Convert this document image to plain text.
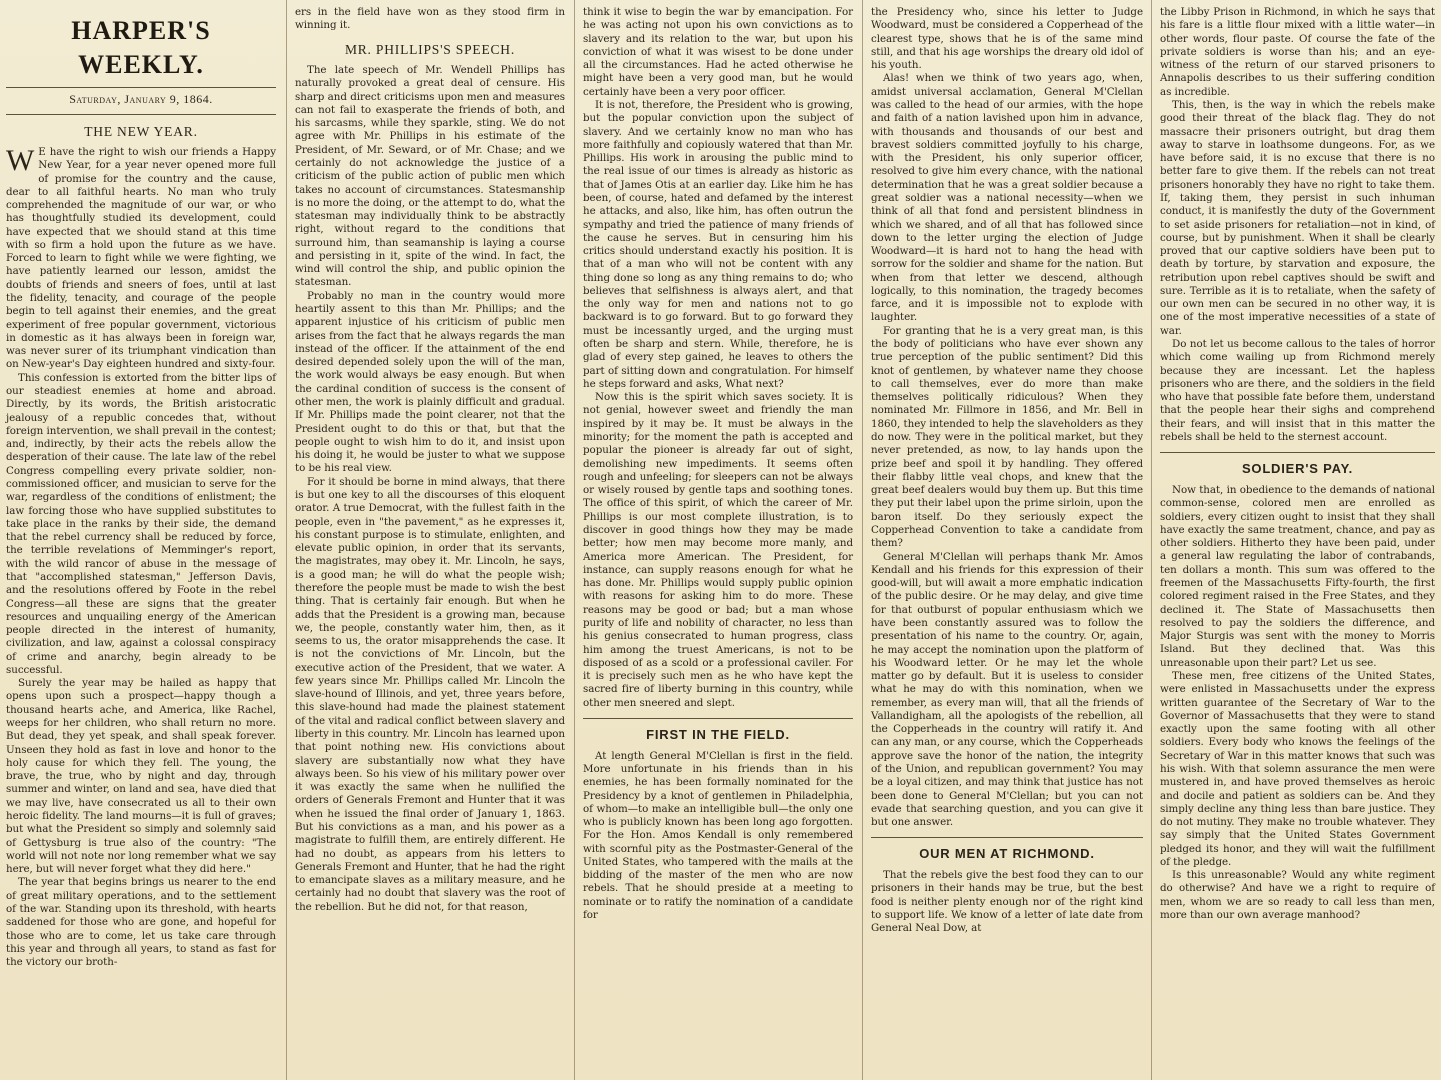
HARPER'S WEEKLY.
Saturday, January 9, 1864.
THE NEW YEAR.

W E have the right to wish our friends a Happy New Year, for a year never opened more full of promise for the country and the cause, dear to all faithful hearts. No man who truly comprehended the magnitude of our war, or who has thoughtfully studied its development, could have expected that we should stand at this time with so firm a hold upon the future as we have. Forced to learn to fight while we were fighting, we have patiently learned our lesson, amidst the doubts of friends and sneers of foes, until at last the fidelity, tenacity, and courage of the people begin to tell against their enemies, and the great experiment of free popular government, victorious in domestic as it has always been in foreign war, was never surer of its triumphant vindication than on New-year's Day eighteen hundred and sixty-four.

This confession is extorted from the bitter lips of our steadiest enemies at home and abroad. Directly, by its words, the British aristocratic jealousy of a republic concedes that, without foreign intervention, we shall prevail in the contest; and, indirectly, by their acts the rebels allow the desperation of their cause. The late law of the rebel Congress compelling every private soldier, non-commissioned officer, and musician to serve for the war, regardless of the conditions of enlistment; the law forcing those who have supplied substitutes to take place in the ranks by their side, the demand that the rebel currency shall be reduced by force, the terrible revelations of Memminger's report, with the wild rancor of abuse in the message of that "accomplished statesman," Jefferson Davis, and the resolutions offered by Foote in the rebel Congress—all these are signs that the greater resources and unquailing energy of the American people directed in the interest of humanity, civilization, and law, against a colossal conspiracy of crime and anarchy, begin already to be successful.

Surely the year may be hailed as happy that opens upon such a prospect—happy though a thousand hearts ache, and America, like Rachel, weeps for her children, who shall return no more. But dead, they yet speak, and shall speak forever. Unseen they hold as fast in love and honor to the holy cause for which they fell. The young, the brave, the true, who by night and day, through summer and winter, on land and sea, have died that we may live, have consecrated us all to their own heroic fidelity. The land mourns—it is full of graves; but what the President so simply and solemnly said of Gettysburg is true also of the country: "The world will not note nor long remember what we say here, but will never forget what they did here."

The year that begins brings us nearer to the end of great military operations, and to the settlement of the war. Standing upon its threshold, with hearts saddened for those who are gone, and hopeful for those who are to come, let us take care through this year and through all years, to stand as fast for the victory our broth-

ers in the field have won as they stood firm in winning it.

MR. PHILLIPS'S SPEECH.

The late speech of Mr. Wendell Phillips has naturally provoked a great deal of censure. His sharp and direct criticisms upon men and measures can not fail to exasperate the friends of both, and his sarcasms, while they sparkle, sting. We do not agree with Mr. Phillips in his estimate of the President, of Mr. Seward, or of Mr. Chase; and we certainly do not acknowledge the justice of a criticism of the public action of public men which takes no account of circumstances. Statesmanship is no more the doing, or the attempt to do, what the statesman may individually think to be abstractly right, without regard to the conditions that surround him, than seamanship is laying a course and persisting in it, spite of the wind. In fact, the wind will control the ship, and public opinion the statesman.

Probably no man in the country would more heartily assent to this than Mr. Phillips; and the apparent injustice of his criticism of public men arises from the fact that he always regards the man instead of the officer. If the attainment of the end desired depended solely upon the will of the man, the work would always be easy enough. But when the cardinal condition of success is the consent of other men, the work is plainly difficult and gradual. If Mr. Phillips made the point clearer, not that the President ought to do this or that, but that the people ought to wish him to do it, and insist upon his doing it, he would be juster to what we suppose to be his real view.

For it should be borne in mind always, that there is but one key to all the discourses of this eloquent orator. A true Democrat, with the fullest faith in the people, even in "the pavement," as he expresses it, his constant purpose is to stimulate, enlighten, and elevate public opinion, in order that its servants, the magistrates, may obey it. Mr. Lincoln, he says, is a good man; he will do what the people wish; therefore the people must be made to wish the best thing. That is certainly fair enough. But when he adds that the President is a growing man, because we, the people, constantly water him, then, as it seems to us, the orator misapprehends the case. It is not the convictions of Mr. Lincoln, but the executive action of the President, that we water. A few years since Mr. Phillips called Mr. Lincoln the slave-hound of Illinois, and yet, three years before, this slave-hound had made the plainest statement of the vital and radical conflict between slavery and liberty in this country. Mr. Lincoln has learned upon that point nothing new. His convictions about slavery are substantially now what they have always been. So his view of his military power over it was exactly the same when he nullified the orders of Generals Fremont and Hunter that it was when he issued the final order of January 1, 1863. But his convictions as a man, and his power as a magistrate to fulfill them, are entirely different. He had no doubt, as appears from his letters to Generals Fremont and Hunter, that he had the right to emancipate slaves as a military measure, and he certainly had no doubt that slavery was the root of the rebellion. But he did not, for that reason,

think it wise to begin the war by emancipation. For he was acting not upon his own convictions as to slavery and its relation to the war, but upon his conviction of what it was wisest to be done under all the circumstances. Had he acted otherwise he might have been a very good man, but he would certainly have been a very poor officer.

It is not, therefore, the President who is growing, but the popular conviction upon the subject of slavery. And we certainly know no man who has more faithfully and copiously watered that than Mr. Phillips. His work in arousing the public mind to the real issue of our times is already as historic as that of James Otis at an earlier day. Like him he has been, of course, hated and defamed by the interest he attacks, and also, like him, has often outrun the sympathy and tried the patience of many friends of the cause he serves. But in censuring him his critics should understand exactly his position. It is that of a man who will not be content with any thing done so long as any thing remains to do; who believes that selfishness is always alert, and that the only way for men and nations not to go backward is to go forward. But to go forward they must be incessantly urged, and the urging must often be sharp and stern. While, therefore, he is glad of every step gained, he leaves to others the part of sitting down and congratulation. For himself he steps forward and asks, What next?

Now this is the spirit which saves society. It is not genial, however sweet and friendly the man inspired by it may be. It must be always in the minority; for the moment the path is accepted and popular the pioneer is already far out of sight, demolishing new impediments. It seems often rough and unfeeling; for sleepers can not be always or wisely roused by gentle taps and soothing tones. The office of this spirit, of which the career of Mr. Phillips is our most complete illustration, is to discover in good things how they may be made better; how men may become more manly, and America more American. The President, for instance, can supply reasons enough for what he has done. Mr. Phillips would supply public opinion with reasons for asking him to do more. These reasons may be good or bad; but a man whose purity of life and nobility of character, no less than his genius consecrated to human progress, class him among the truest Americans, is not to be disposed of as a scold or a professional caviler. For it is precisely such men as he who have kept the sacred fire of liberty burning in this country, while other men sneered and slept.

FIRST IN THE FIELD.

At length General M'Clellan is first in the field. More unfortunate in his friends than in his enemies, he has been formally nominated for the Presidency by a knot of gentlemen in Philadelphia, of whom—to make an intelligible bull—the only one who is publicly known has been long ago forgotten. For the Hon. Amos Kendall is only remembered with scornful pity as the Postmaster-General of the United States, who tampered with the mails at the bidding of the master of the men who are now rebels. That he should preside at a meeting to nominate or to ratify the nomination of a candidate for

the Presidency who, since his letter to Judge Woodward, must be considered a Copperhead of the clearest type, shows that he is of the same mind still, and that his age worships the dreary old idol of his youth.

Alas! when we think of two years ago, when, amidst universal acclamation, General M'Clellan was called to the head of our armies, with the hope and faith of a nation lavished upon him in advance, with thousands and thousands of our best and bravest soldiers committed joyfully to his charge, with the President, his only superior officer, resolved to give him every chance, with the national determination that he was a great soldier because a great soldier was a national necessity—when we think of all that fond and persistent blindness in which we shared, and of all that has followed since down to the letter urging the election of Judge Woodward—it is hard not to hang the head with sorrow for the soldier and shame for the nation. But when from that letter we descend, although logically, to this nomination, the tragedy becomes farce, and it is impossible not to explode with laughter.

For granting that he is a very great man, is this the body of politicians who have ever shown any true perception of the public sentiment? Did this knot of gentlemen, by whatever name they choose to call themselves, ever do more than make themselves politically ridiculous? When they nominated Mr. Fillmore in 1856, and Mr. Bell in 1860, they intended to help the slaveholders as they do now. They were in the political market, but they never pretended, as now, to lay hands upon the prize beef and spoil it by handling. They offered their flabby little veal chops, and knew that the great beef dealers would buy them up. But this time they put their label upon the prime sirloin, upon the baron itself. Do they seriously expect the Copperhead Convention to take a candidate from them?

General M'Clellan will perhaps thank Mr. Amos Kendall and his friends for this expression of their good-will, but will await a more emphatic indication of the public desire. Or he may delay, and give time for that outburst of popular enthusiasm which we have been constantly assured was to follow the presentation of his name to the country. Or, again, he may accept the nomination upon the platform of his Woodward letter. Or he may let the whole matter go by default. But it is useless to consider what he may do with this nomination, when we remember, as every man will, that all the friends of Vallandigham, all the apologists of the rebellion, all the Copperheads in the country will ratify it. And can any man, or any course, which the Copperheads approve save the honor of the nation, the integrity of the Union, and republican government? You may be a loyal citizen, and may think that justice has not been done to General M'Clellan; but you can not evade that searching question, and you can give it but one answer.

OUR MEN AT RICHMOND.

That the rebels give the best food they can to our prisoners in their hands may be true, but the best food is neither plenty enough nor of the right kind to support life. We know of a letter of late date from General Neal Dow, at

the Libby Prison in Richmond, in which he says that his fare is a little flour mixed with a little water—in other words, flour paste. Of course the fate of the private soldiers is worse than his; and an eye-witness of the return of our starved prisoners to Annapolis describes to us their suffering condition as incredible.

This, then, is the way in which the rebels make good their threat of the black flag. They do not massacre their prisoners outright, but drag them away to starve in loathsome dungeons. For, as we have before said, it is no excuse that there is no better fare to give them. If the rebels can not treat prisoners honorably they have no right to take them. If, taking them, they persist in such inhuman conduct, it is manifestly the duty of the Government to set aside prisoners for retaliation—not in kind, of course, but by punishment. When it shall be clearly proved that our captive soldiers have been put to death by torture, by starvation and exposure, the retribution upon rebel captives should be swift and sure. Terrible as it is to retaliate, when the safety of our own men can be secured in no other way, it is one of the most imperative necessities of a state of war.

Do not let us become callous to the tales of horror which come wailing up from Richmond merely because they are incessant. Let the hapless prisoners who are there, and the soldiers in the field who have that possible fate before them, understand that the people hear their sighs and comprehend their fears, and will insist that in this matter the rebels shall be held to the sternest account.

SOLDIER'S PAY.

Now that, in obedience to the demands of national common-sense, colored men are enrolled as soldiers, every citizen ought to insist that they shall have exactly the same treatment, chance, and pay as other soldiers. Hitherto they have been paid, under a general law regulating the labor of contrabands, ten dollars a month. This sum was offered to the freemen of the Massachusetts Fifty-fourth, the first colored regiment raised in the Free States, and they declined it. The State of Massachusetts then resolved to pay the soldiers the difference, and Major Sturgis was sent with the money to Morris Island. But they declined that. Was this unreasonable upon their part? Let us see.

These men, free citizens of the United States, were enlisted in Massachusetts under the express written guarantee of the Secretary of War to the Governor of Massachusetts that they were to stand exactly upon the same footing with all other soldiers. Every body who knows the feelings of the Secretary of War in this matter knows that such was his wish. With that solemn assurance the men were mustered in, and have proved themselves as heroic and docile and patient as soldiers can be. And they simply decline any thing less than bare justice. They do not mutiny. They make no trouble whatever. They say simply that the United States Government pledged its honor, and they will wait the fulfillment of the pledge.

Is this unreasonable? Would any white regiment do otherwise? And have we a right to require of men, whom we are so ready to call less than men, more than our own average manhood?
